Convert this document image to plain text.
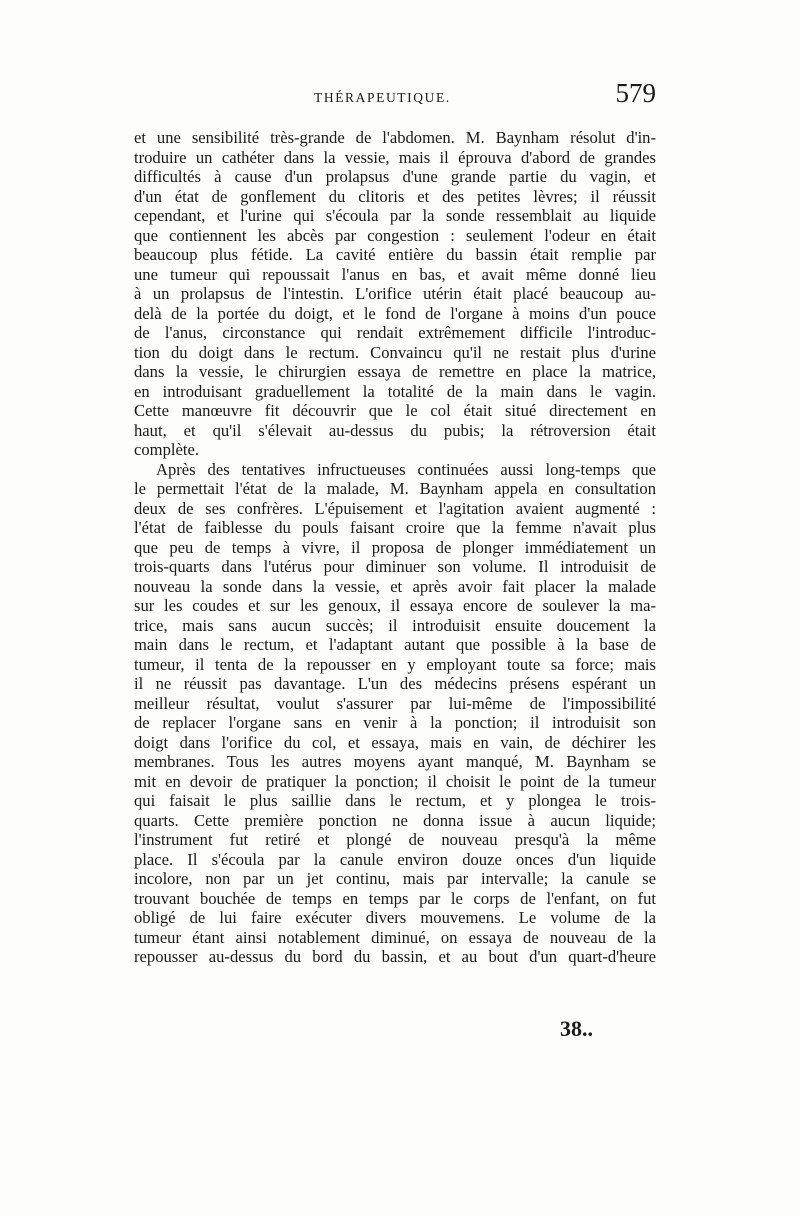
THÉRAPEUTIQUE.	579
et une sensibilité très-grande de l'abdomen. M. Baynham résolut d'in-
troduire un cathéter dans la vessie, mais il éprouva d'abord de grandes
difficultés à cause d'un prolapsus d'une grande partie du vagin, et
d'un état de gonflement du clitoris et des petites lèvres; il réussit
cependant, et l'urine qui s'écoula par la sonde ressemblait au liquide
que contiennent les abcès par congestion : seulement l'odeur en était
beaucoup plus fétide. La cavité entière du bassin était remplie par
une tumeur qui repoussait l'anus en bas, et avait même donné lieu
à un prolapsus de l'intestin. L'orifice utérin était placé beaucoup au-
delà de la portée du doigt, et le fond de l'organe à moins d'un pouce
de l'anus, circonstance qui rendait extrêmement difficile l'introduc-
tion du doigt dans le rectum. Convaincu qu'il ne restait plus d'urine
dans la vessie, le chirurgien essaya de remettre en place la matrice,
en introduisant graduellement la totalité de la main dans le vagin.
Cette manœuvre fit découvrir que le col était situé directement en
haut, et qu'il s'élevait au-dessus du pubis; la rétroversion était
complète.
Après des tentatives infructueuses continuées aussi long-temps que
le permettait l'état de la malade, M. Baynham appela en consultation
deux de ses confrères. L'épuisement et l'agitation avaient augmenté :
l'état de faiblesse du pouls faisant croire que la femme n'avait plus
que peu de temps à vivre, il proposa de plonger immédiatement un
trois-quarts dans l'utérus pour diminuer son volume. Il introduisit de
nouveau la sonde dans la vessie, et après avoir fait placer la malade
sur les coudes et sur les genoux, il essaya encore de soulever la ma-
trice, mais sans aucun succès; il introduisit ensuite doucement la
main dans le rectum, et l'adaptant autant que possible à la base de
tumeur, il tenta de la repousser en y employant toute sa force; mais
il ne réussit pas davantage. L'un des médecins présens espérant un
meilleur résultat, voulut s'assurer par lui-même de l'impossibilité
de replacer l'organe sans en venir à la ponction; il introduisit son
doigt dans l'orifice du col, et essaya, mais en vain, de déchirer les
membranes. Tous les autres moyens ayant manqué, M. Baynham se
mit en devoir de pratiquer la ponction; il choisit le point de la tumeur
qui faisait le plus saillie dans le rectum, et y plongea le trois-
quarts. Cette première ponction ne donna issue à aucun liquide;
l'instrument fut retiré et plongé de nouveau presqu'à la même
place. Il s'écoula par la canule environ douze onces d'un liquide
incolore, non par un jet continu, mais par intervalle; la canule se
trouvant bouchée de temps en temps par le corps de l'enfant, on fut
obligé de lui faire exécuter divers mouvemens. Le volume de la
tumeur étant ainsi notablement diminué, on essaya de nouveau de la
repousser au-dessus du bord du bassin, et au bout d'un quart-d'heure
38..
